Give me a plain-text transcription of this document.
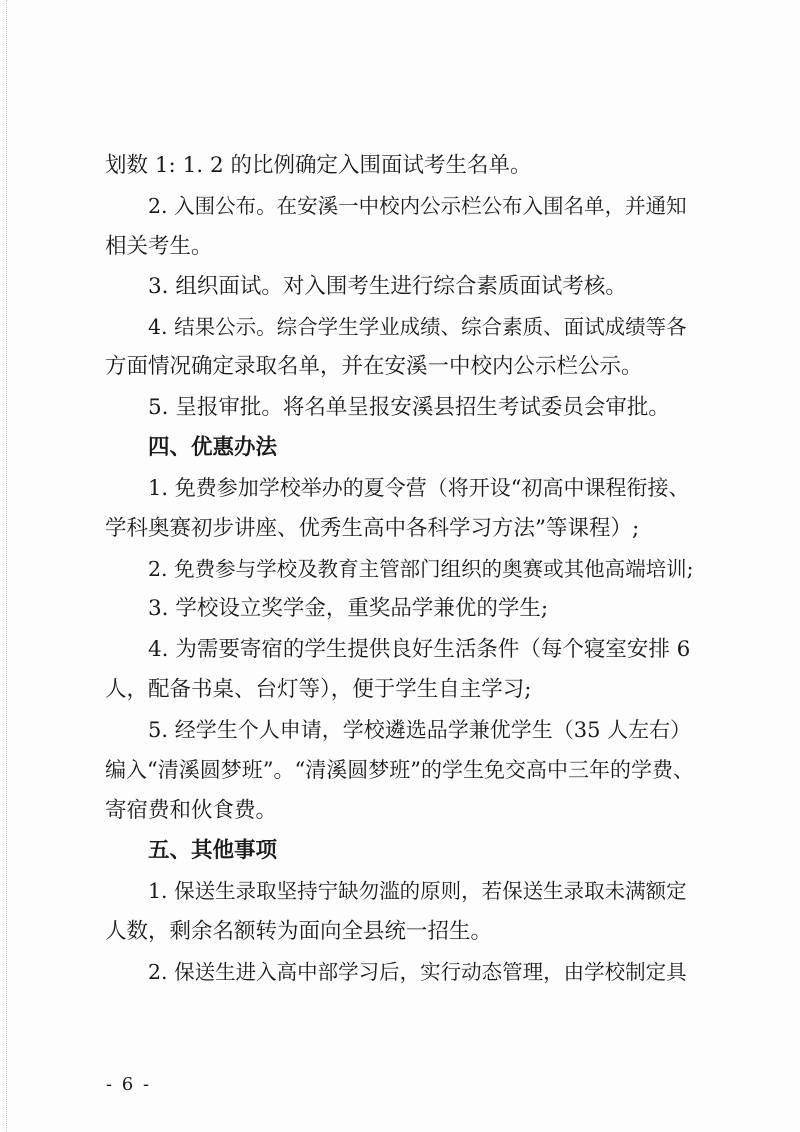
划数 1: 1. 2 的比例确定入围面试考生名单。
2. 入围公布。在安溪一中校内公示栏公布入围名单，并通知
相关考生。
3. 组织面试。对入围考生进行综合素质面试考核。
4. 结果公示。综合学生学业成绩、综合素质、面试成绩等各
方面情况确定录取名单，并在安溪一中校内公示栏公示。
5. 呈报审批。将名单呈报安溪县招生考试委员会审批。
四、优惠办法
1. 免费参加学校举办的夏令营（将开设“初高中课程衔接、
学科奥赛初步讲座、优秀生高中各科学习方法”等课程）;
2. 免费参与学校及教育主管部门组织的奥赛或其他高端培训;
3. 学校设立奖学金，重奖品学兼优的学生;
4. 为需要寄宿的学生提供良好生活条件（每个寝室安排 6
人，配备书桌、台灯等），便于学生自主学习;
5. 经学生个人申请，学校遴选品学兼优学生（35 人左右）
编入“清溪圆梦班”。“清溪圆梦班”的学生免交高中三年的学费、
寄宿费和伙食费。
五、其他事项
1. 保送生录取坚持宁缺勿滥的原则，若保送生录取未满额定
人数，剩余名额转为面向全县统一招生。
2. 保送生进入高中部学习后，实行动态管理，由学校制定具
- 6 -
